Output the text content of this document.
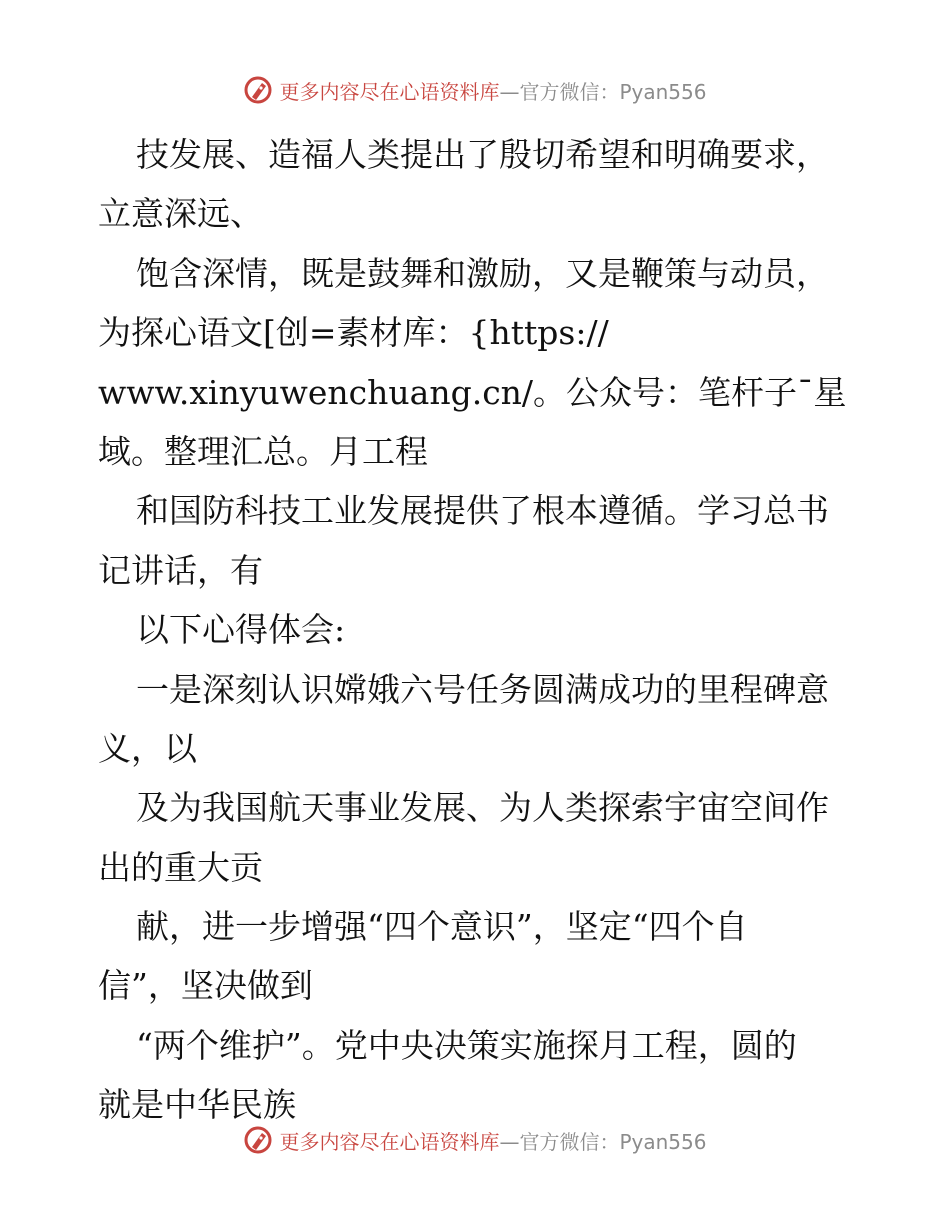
更多内容尽在心语资料库—官方微信：Pyan556
技发展、造福人类提出了殷切希望和明确要求，
立意深远、
饱含深情，既是鼓舞和激励，又是鞭策与动员，
为探心语文[创=素材库：{https://
www.xinyuwenchuang.cn/。公众号：笔杆子¯星
域。整理汇总。月工程
和国防科技工业发展提供了根本遵循。学习总书
记讲话，有
以下心得体会:
一是深刻认识嫦娥六号任务圆满成功的里程碑意
义，以
及为我国航天事业发展、为人类探索宇宙空间作
出的重大贡
献，进一步增强“四个意识”，坚定“四个自
信”，坚决做到
“两个维护”。党中央决策实施探月工程，圆的
就是中华民族
更多内容尽在心语资料库—官方微信：Pyan556
